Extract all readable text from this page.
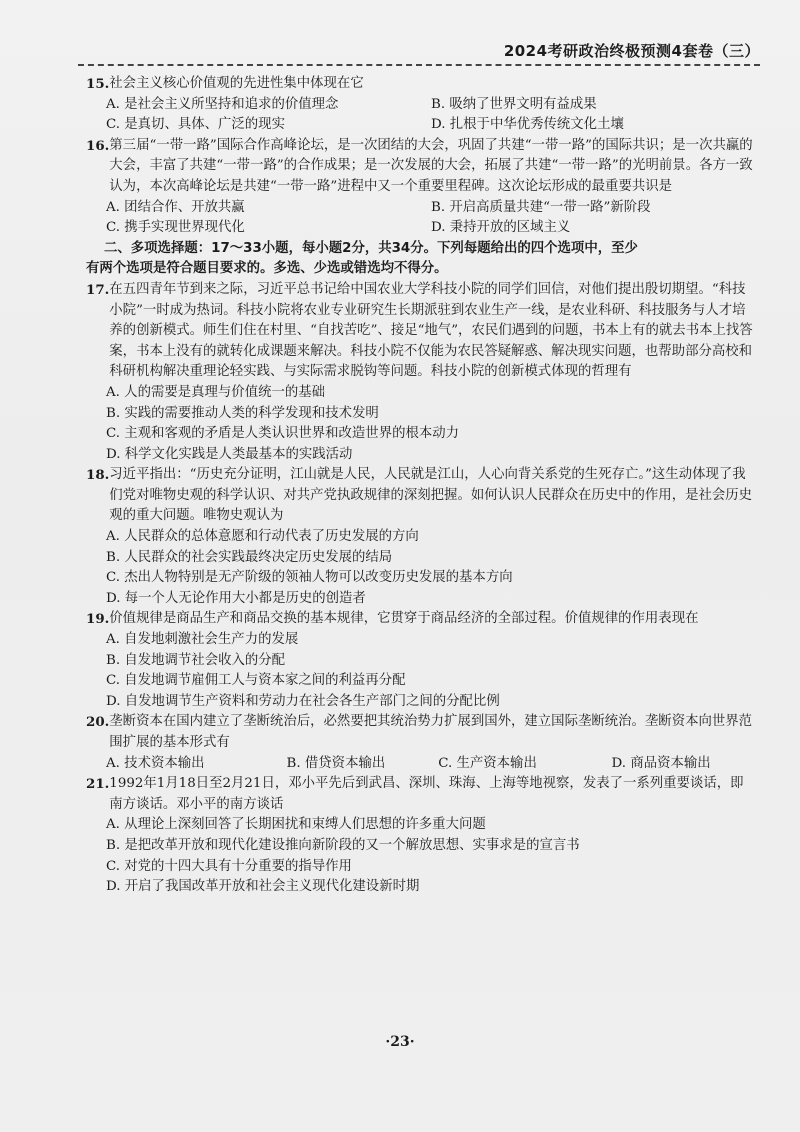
2024考研政治终极预测4套卷（三）
15. 社会主义核心价值观的先进性集中体现在它
A. 是社会主义所坚持和追求的价值理念	B. 吸纳了世界文明有益成果
C. 是真切、具体、广泛的现实	D. 扎根于中华优秀传统文化土壤
16. 第三届“一带一路”国际合作高峰论坛，是一次团结的大会，巩固了共建“一带一路”的国际共识；是一次共赢的大会，丰富了共建“一带一路”的合作成果；是一次发展的大会，拓展了共建“一带一路”的光明前景。各方一致认为，本次高峰论坛是共建“一带一路”进程中又一个重要里程碑。这次论坛形成的最重要共识是
A. 团结合作、开放共赢	B. 开启高质量共建“一带一路”新阶段
C. 携手实现世界现代化	D. 秉持开放的区域主义
二、多项选择题：17～33小题，每小题2分，共34分。下列每题给出的四个选项中，至少
有两个选项是符合题目要求的。多选、少选或错选均不得分。
17. 在五四青年节到来之际，习近平总书记给中国农业大学科技小院的同学们回信，对他们提出殷切期望。“科技小院”一时成为热词。科技小院将农业专业研究生长期派驻到农业生产一线，是农业科研、科技服务与人才培养的创新模式。师生们住在村里、“自找苦吃”、接足“地气”，农民们遇到的问题，书本上有的就去书本上找答案，书本上没有的就转化成课题来解决。科技小院不仅能为农民答疑解惑、解决现实问题，也帮助部分高校和科研机构解决重理论轻实践、与实际需求脱钩等问题。科技小院的创新模式体现的哲理有
A. 人的需要是真理与价值统一的基础
B. 实践的需要推动人类的科学发现和技术发明
C. 主观和客观的矛盾是人类认识世界和改造世界的根本动力
D. 科学文化实践是人类最基本的实践活动
18. 习近平指出：“历史充分证明，江山就是人民，人民就是江山，人心向背关系党的生死存亡。”这生动体现了我们党对唯物史观的科学认识、对共产党执政规律的深刻把握。如何认识人民群众在历史中的作用，是社会历史观的重大问题。唯物史观认为
A. 人民群众的总体意愿和行动代表了历史发展的方向
B. 人民群众的社会实践最终决定历史发展的结局
C. 杰出人物特别是无产阶级的领袖人物可以改变历史发展的基本方向
D. 每一个人无论作用大小都是历史的创造者
19. 价值规律是商品生产和商品交换的基本规律，它贯穿于商品经济的全部过程。价值规律的作用表现在
A. 自发地刺激社会生产力的发展
B. 自发地调节社会收入的分配
C. 自发地调节雇佣工人与资本家之间的利益再分配
D. 自发地调节生产资料和劳动力在社会各生产部门之间的分配比例
20. 垄断资本在国内建立了垄断统治后，必然要把其统治势力扩展到国外，建立国际垄断统治。垄断资本向世界范围扩展的基本形式有
A. 技术资本输出	B. 借贷资本输出	C. 生产资本输出	D. 商品资本输出
21. 1992年1月18日至2月21日，邓小平先后到武昌、深圳、珠海、上海等地视察，发表了一系列重要谈话，即南方谈话。邓小平的南方谈话
A. 从理论上深刻回答了长期困扰和束缚人们思想的许多重大问题
B. 是把改革开放和现代化建设推向新阶段的又一个解放思想、实事求是的宣言书
C. 对党的十四大具有十分重要的指导作用
D. 开启了我国改革开放和社会主义现代化建设新时期
·23·
